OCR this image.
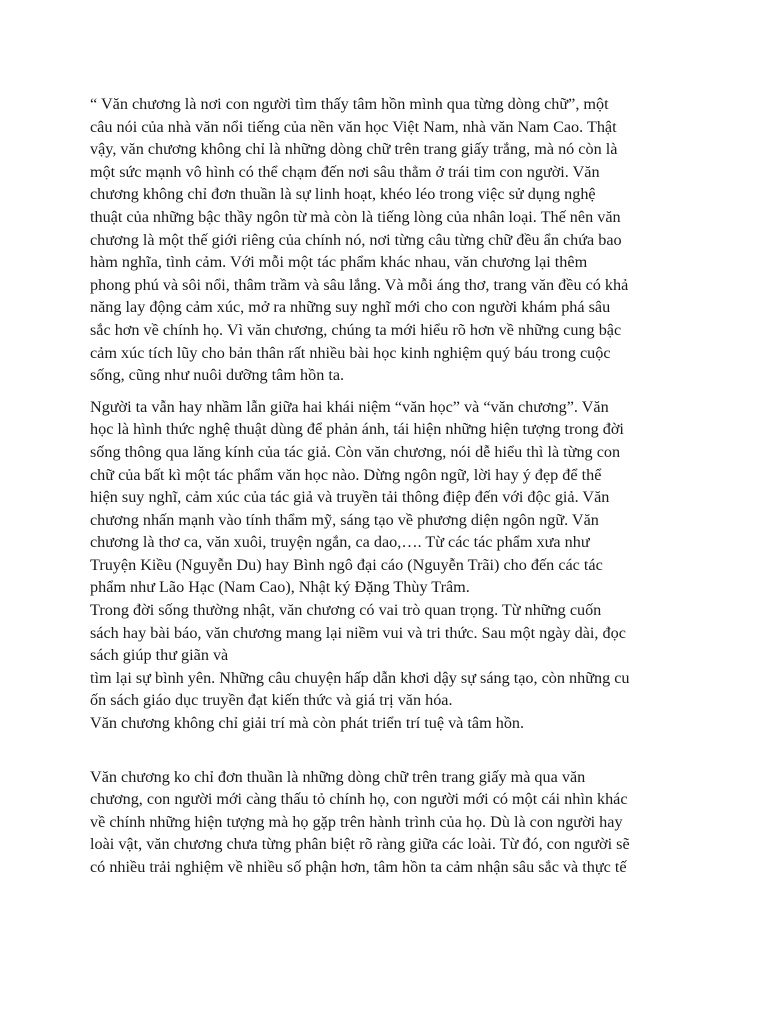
“ Văn chương là nơi con người tìm thấy tâm hồn mình qua từng dòng chữ”, một
câu nói của nhà văn nổi tiếng của nền văn học Việt Nam, nhà văn Nam Cao. Thật
vậy, văn chương không chỉ là những dòng chữ trên trang giấy trắng, mà nó còn là
một sức mạnh vô hình có thể chạm đến nơi sâu thẳm ở trái tim con người. Văn
chương không chỉ đơn thuần là sự linh hoạt, khéo léo trong việc sử dụng nghệ
thuật của những bậc thầy ngôn từ mà còn là tiếng lòng của nhân loại. Thế nên văn
chương là một thế giới riêng của chính nó, nơi từng câu từng chữ đều ẩn chứa bao
hàm nghĩa, tình cảm. Với mỗi một tác phẩm khác nhau, văn chương lại thêm
phong phú và sôi nổi, thâm trầm và sâu lắng. Và mỗi áng thơ, trang văn đều có khả
năng lay động cảm xúc, mở ra những suy nghĩ mới cho con người khám phá sâu
sắc hơn về chính họ. Vì văn chương, chúng ta mới hiểu rõ hơn về những cung bậc
cảm xúc tích lũy cho bản thân rất nhiều bài học kinh nghiệm quý báu trong cuộc
sống, cũng như nuôi dưỡng tâm hồn ta.
Người ta vẫn hay nhầm lẫn giữa hai khái niệm “văn học” và “văn chương”. Văn
học là hình thức nghệ thuật dùng để phản ánh, tái hiện những hiện tượng trong đời
sống thông qua lăng kính của tác giả. Còn văn chương, nói dễ hiểu thì là từng con
chữ của bất kì một tác phẩm văn học nào. Dừng ngôn ngữ, lời hay ý đẹp để thể
hiện suy nghĩ, cảm xúc của tác giả và truyền tải thông điệp đến với độc giả. Văn
chương nhấn mạnh vào tính thẩm mỹ, sáng tạo về phương diện ngôn ngữ. Văn
chương là thơ ca, văn xuôi, truyện ngắn, ca dao,…. Từ các tác phẩm xưa như
Truyện Kiều (Nguyễn Du) hay Bình ngô đại cáo (Nguyễn Trãi) cho đến các tác
phẩm như Lão Hạc (Nam Cao), Nhật ký Đặng Thùy Trâm.
Trong đời sống thường nhật, văn chương có vai trò quan trọng. Từ những cuốn
sách hay bài báo, văn chương mang lại niềm vui và tri thức. Sau một ngày dài, đọc
sách giúp thư giãn và
tìm lại sự bình yên. Những câu chuyện hấp dẫn khơi dậy sự sáng tạo, còn những cu
ốn sách giáo dục truyền đạt kiến thức và giá trị văn hóa.
Văn chương không chỉ giải trí mà còn phát triển trí tuệ và tâm hồn.
Văn chương ko chỉ đơn thuần là những dòng chữ trên trang giấy mà qua văn
chương, con người mới càng thấu tỏ chính họ, con người mới có một cái nhìn khác
về chính những hiện tượng mà họ gặp trên hành trình của họ. Dù là con người hay
loài vật, văn chương chưa từng phân biệt rõ ràng giữa các loài. Từ đó, con người sẽ
có nhiều trải nghiệm về nhiều số phận hơn, tâm hồn ta cảm nhận sâu sắc và thực tế
